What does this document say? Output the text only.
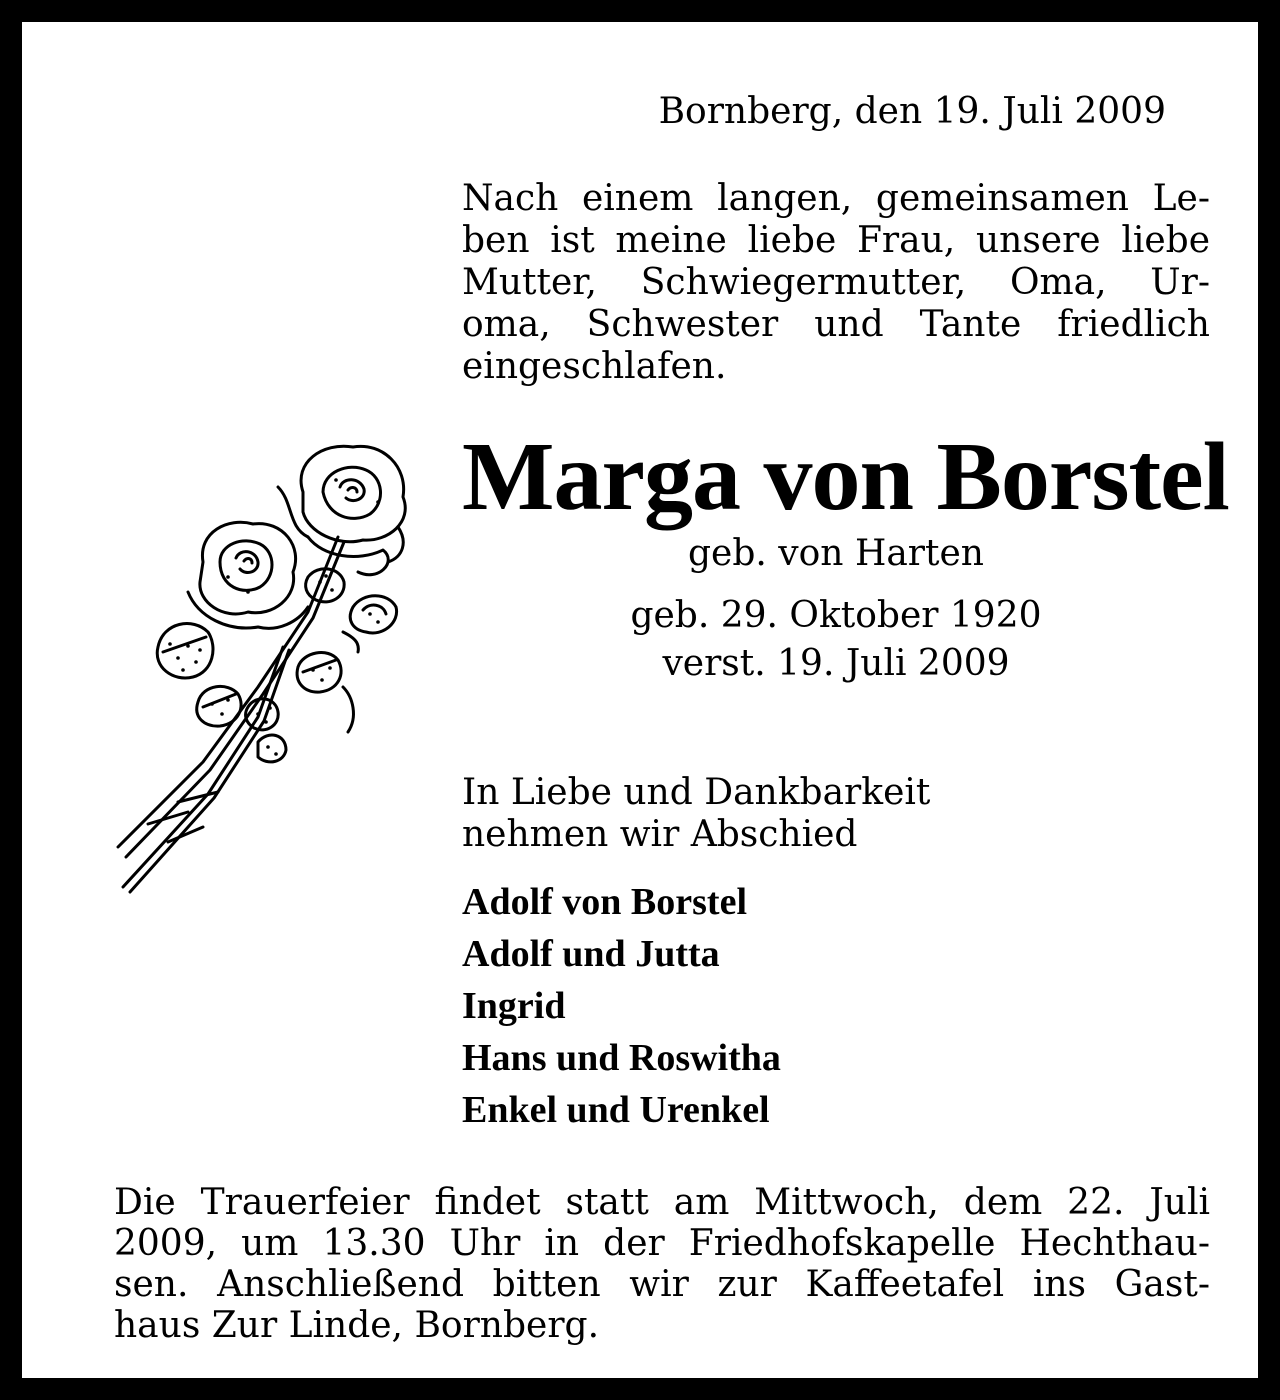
Bornberg, den 19. Juli 2009
Nach einem langen, gemeinsamen Le-
ben ist meine liebe Frau, unsere liebe
Mutter, Schwiegermutter, Oma, Ur-
oma, Schwester und Tante friedlich
eingeschlafen.
Marga von Borstel
geb. von Harten
geb. 29. Oktober 1920
verst. 19. Juli 2009
In Liebe und Dankbarkeit
nehmen wir Abschied
Adolf von Borstel
Adolf und Jutta
Ingrid
Hans und Roswitha
Enkel und Urenkel
Die Trauerfeier findet statt am Mittwoch, dem 22. Juli
2009, um 13.30 Uhr in der Friedhofskapelle Hechthau-
sen. Anschließend bitten wir zur Kaffeetafel ins Gast-
haus Zur Linde, Bornberg.
